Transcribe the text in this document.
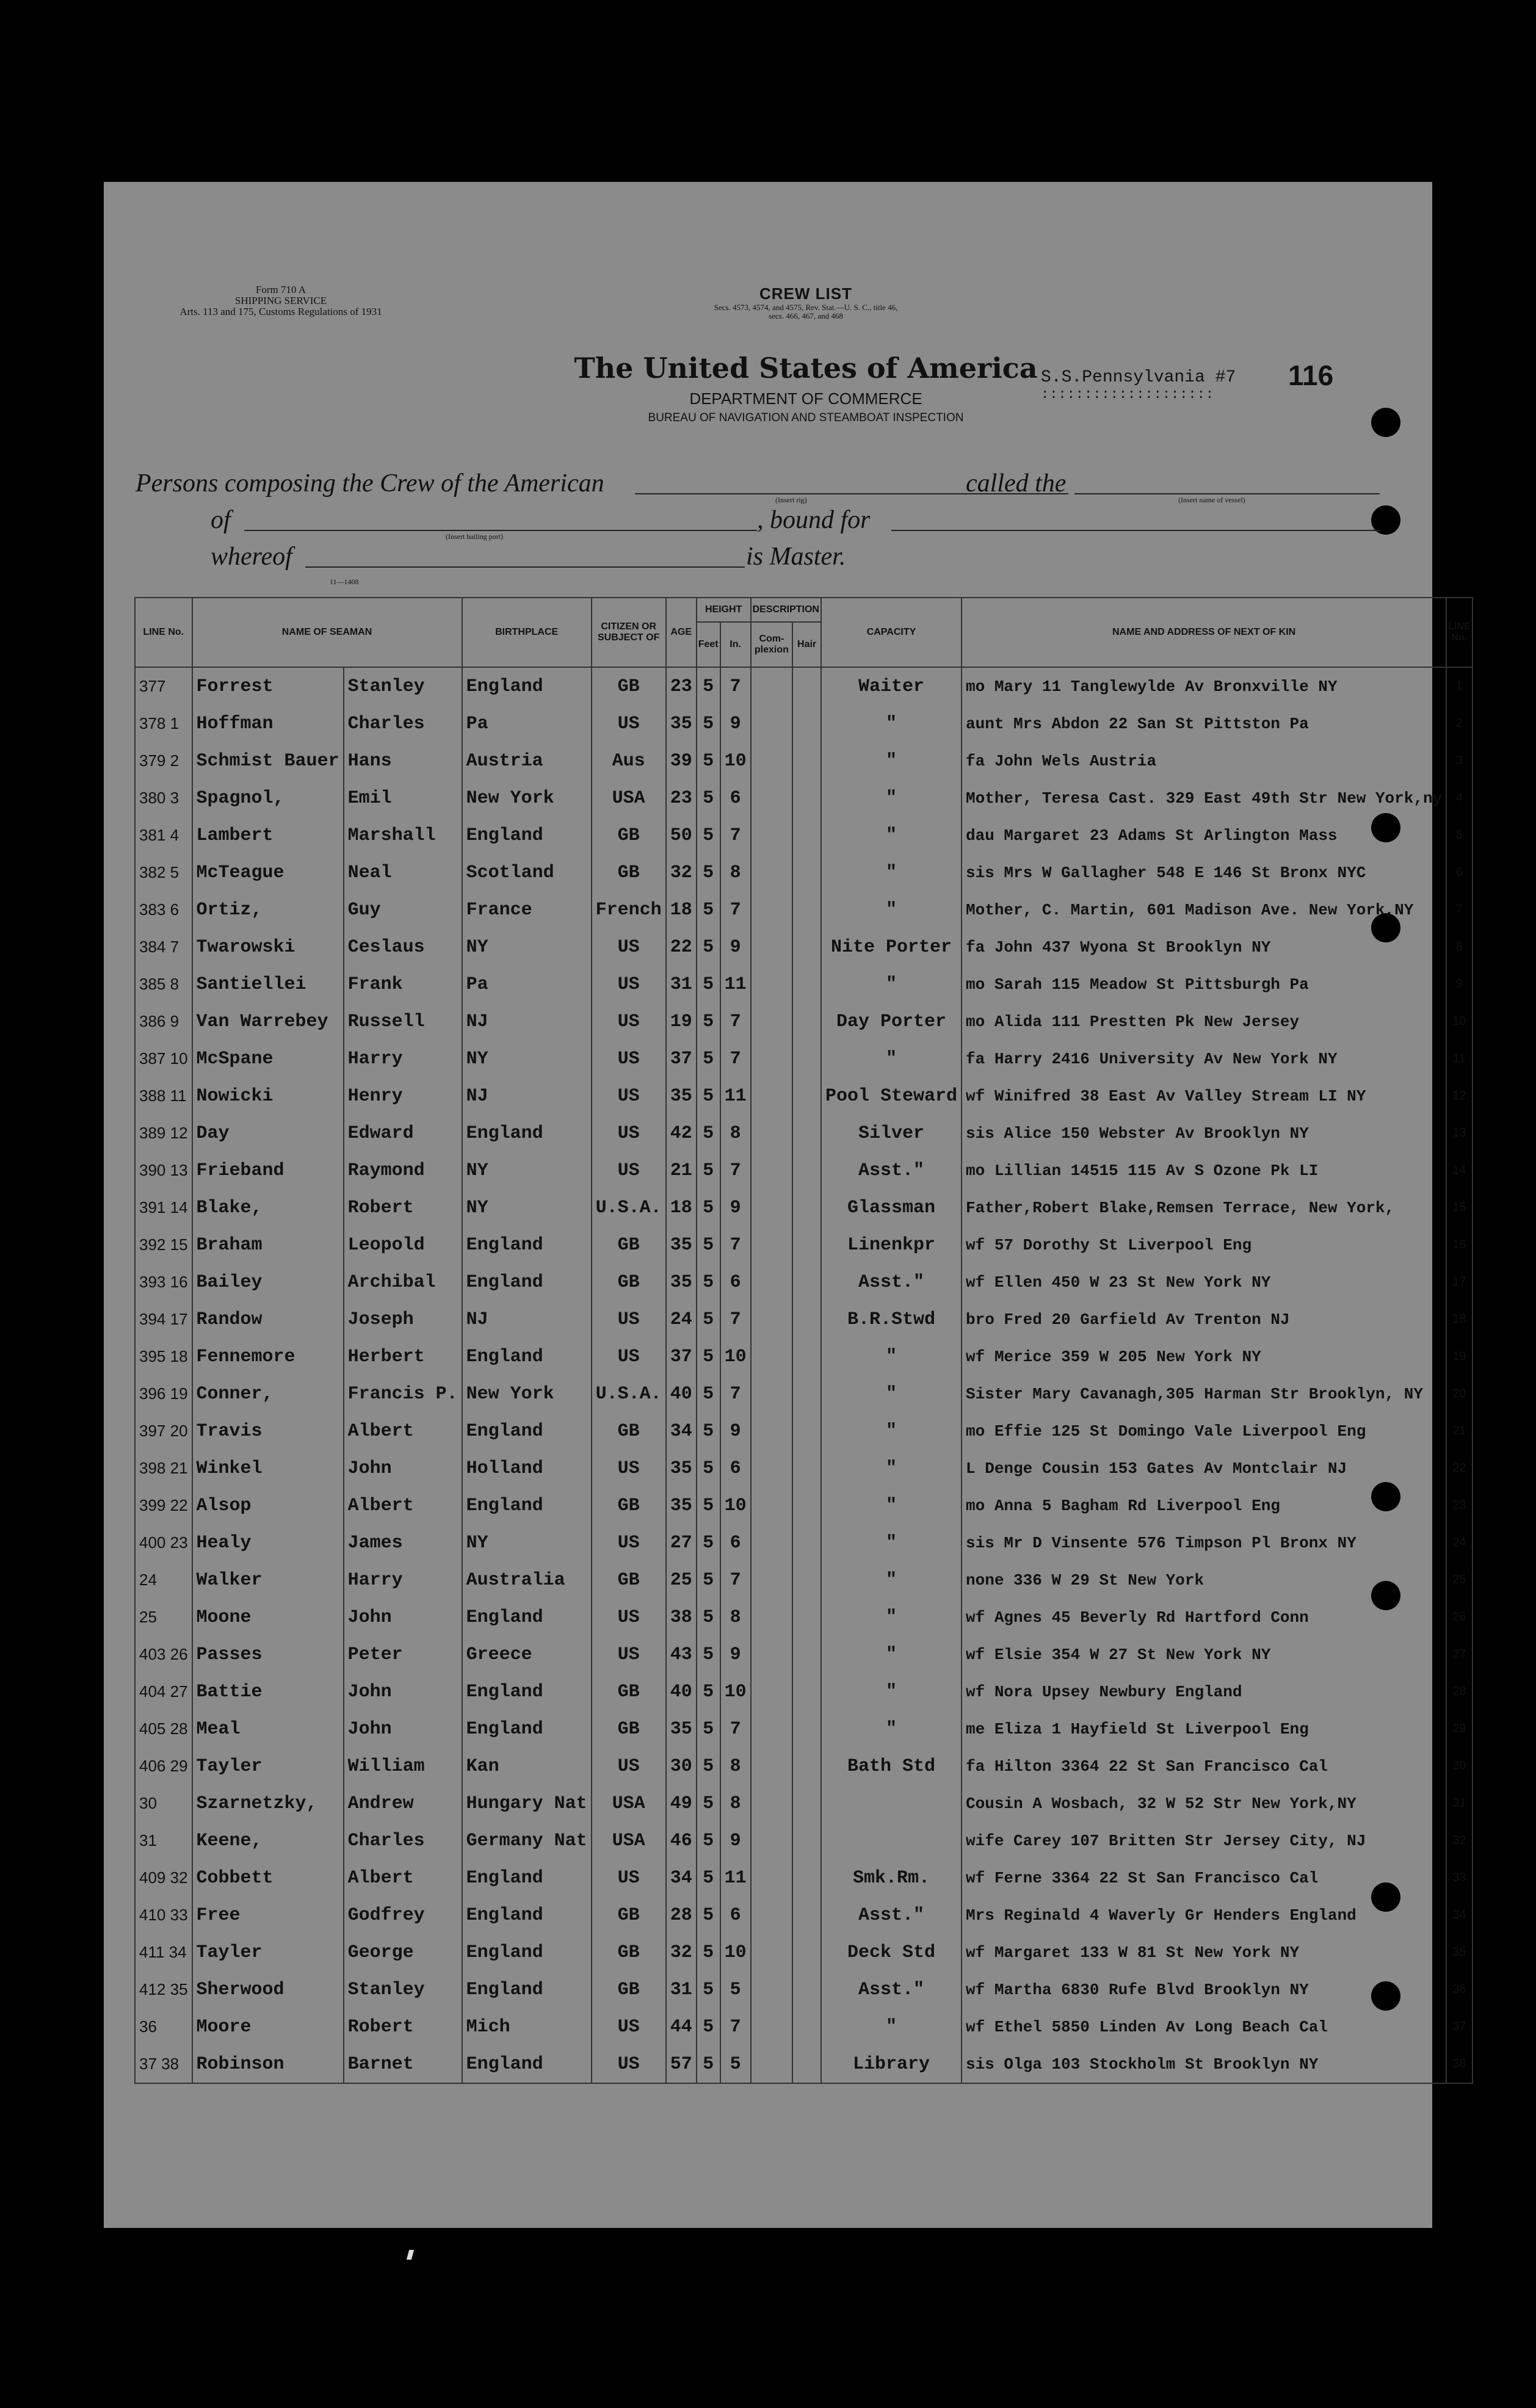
Form 710 A
SHIPPING SERVICE
Arts. 113 and 175, Customs Regulations of 1931
CREW LIST
Secs. 4573, 4574, and 4575, Rev. Stat.—U. S. C., title 46,
secs. 466, 467, and 468
The United States of America
DEPARTMENT OF COMMERCE
BUREAU OF NAVIGATION AND STEAMBOAT INSPECTION
S.S.Pennsylvania #7
::::::::::::::::::::
116
Persons composing the Crew of the American
(Insert rig)
called the
(Insert name of vessel)
of
(Insert hailing port)
, bound for
whereof	is Master.
11—1408
LINE No.	NAME OF SEAMAN		BIRTHPLACE	CITIZEN OR SUBJECT OF	AGE	HEIGHT		DESCRIPTION		CAPACITY	NAME AND ADDRESS OF NEXT OF KIN	LINE No.
						Feet	In.	Com-plexion	Hair			
377	Forrest	Stanley	England	GB	23	5	7			Waiter	mo Mary 11 Tanglewylde Av Bronxville NY	1
378 1	Hoffman	Charles	Pa	US	35	5	9			"	aunt Mrs Abdon 22 San St Pittston Pa	2
379 2	Schmist Bauer	Hans	Austria	Aus	39	5	10			"	fa John Wels Austria	3
380 3	Spagnol,	Emil	New York	USA	23	5	6			"	Mother, Teresa Cast. 329 East 49th Str New York,ny	4
381 4	Lambert	Marshall	England	GB	50	5	7			"	dau Margaret 23 Adams St Arlington Mass	5
382 5	McTeague	Neal	Scotland	GB	32	5	8			"	sis Mrs W Gallagher 548 E 146 St Bronx NYC	6
383 6	Ortiz,	Guy	France	French	18	5	7			"	Mother, C. Martin, 601 Madison Ave. New York,NY	7
384 7	Twarowski	Ceslaus	NY	US	22	5	9			Nite Porter	fa John 437 Wyona St Brooklyn NY	8
385 8	Santiellei	Frank	Pa	US	31	5	11			"	mo Sarah 115 Meadow St Pittsburgh Pa	9
386 9	Van Warrebey	Russell	NJ	US	19	5	7			Day Porter	mo Alida 111 Prestten Pk New Jersey	10
387 10	McSpane	Harry	NY	US	37	5	7			"	fa Harry 2416 University Av New York NY	11
388 11	Nowicki	Henry	NJ	US	35	5	11			Pool Steward	wf Winifred 38 East Av Valley Stream LI NY	12
389 12	Day	Edward	England	US	42	5	8			Silver	sis Alice 150 Webster Av Brooklyn NY	13
390 13	Frieband	Raymond	NY	US	21	5	7			Asst."	mo Lillian 14515 115 Av S Ozone Pk LI	14
391 14	Blake,	Robert	NY	U.S.A.	18	5	9			Glassman	Father,Robert Blake,Remsen Terrace, New York,	15
392 15	Braham	Leopold	England	GB	35	5	7			Linenkpr	wf 57 Dorothy St Liverpool Eng	16
393 16	Bailey	Archibal	England	GB	35	5	6			Asst."	wf Ellen 450 W 23 St New York NY	17
394 17	Randow	Joseph	NJ	US	24	5	7			B.R.Stwd	bro Fred 20 Garfield Av Trenton NJ	18
395 18	Fennemore	Herbert	England	US	37	5	10			"	wf Merice 359 W 205 New York NY	19
396 19	Conner,	Francis P.	New York	U.S.A.	40	5	7			"	Sister Mary Cavanagh,305 Harman Str Brooklyn, NY	20
397 20	Travis	Albert	England	GB	34	5	9			"	mo Effie 125 St Domingo Vale Liverpool Eng	21
398 21	Winkel	John	Holland	US	35	5	6			"	L Denge Cousin 153 Gates Av Montclair NJ	22
399 22	Alsop	Albert	England	GB	35	5	10			"	mo Anna 5 Bagham Rd Liverpool Eng	23
400 23	Healy	James	NY	US	27	5	6			"	sis Mr D Vinsente 576 Timpson Pl Bronx NY	24
24	Walker	Harry	Australia	GB	25	5	7			"	none 336 W 29 St New York	25
25	Moone	John	England	US	38	5	8			"	wf Agnes 45 Beverly Rd Hartford Conn	26
403 26	Passes	Peter	Greece	US	43	5	9			"	wf Elsie 354 W 27 St New York NY	27
404 27	Battie	John	England	GB	40	5	10			"	wf Nora Upsey Newbury England	28
405 28	Meal	John	England	GB	35	5	7			"	me Eliza 1 Hayfield St Liverpool Eng	29
406 29	Tayler	William	Kan	US	30	5	8			Bath Std	fa Hilton 3364 22 St San Francisco Cal	30
30	Szarnetzky,	Andrew	Hungary Nat	USA	49	5	8				Cousin A Wosbach, 32 W 52 Str New York,NY	31
31	Keene,	Charles	Germany Nat	USA	46	5	9				wife Carey 107 Britten Str Jersey City, NJ	32
409 32	Cobbett	Albert	England	US	34	5	11			Smk.Rm.	wf Ferne 3364 22 St San Francisco Cal	33
410 33	Free	Godfrey	England	GB	28	5	6			Asst."	Mrs Reginald 4 Waverly Gr Henders England	34
411 34	Tayler	George	England	GB	32	5	10			Deck Std	wf Margaret 133 W 81 St New York NY	35
412 35	Sherwood	Stanley	England	GB	31	5	5			Asst."	wf Martha 6830 Rufe Blvd Brooklyn NY	36
36	Moore	Robert	Mich	US	44	5	7			"	wf Ethel 5850 Linden Av Long Beach Cal	37
37 38	Robinson	Barnet	England	US	57	5	5			Library	sis Olga 103 Stockholm St Brooklyn NY	38
